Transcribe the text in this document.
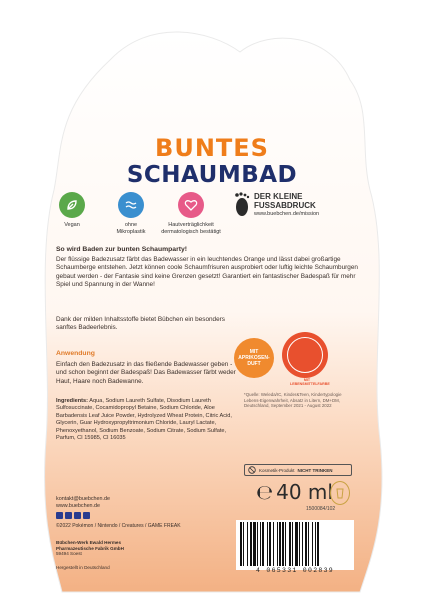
BUNTES
SCHAUMBAD
Vegan	ohne Mikroplastik
Hautverträglichkeit dermatologisch bestätigt
DER KLEINE
FUSSABDRUCK
www.buebchen.de/mission
So wird Baden zur bunten Schaumparty!
Der flüssige Badezusatz färbt das Badewasser in ein leuchtendes Orange und lässt dabei großartige Schaumberge entstehen. Jetzt können coole Schaumfrisuren ausprobiert oder luftig leichte Schaumburgen gebaut werden - der Fantasie sind keine Grenzen gesetzt! Garantiert ein fantastischer Badespaß für mehr Spiel und Spannung in der Wanne!
Dank der milden Inhaltsstoffe bietet Bübchen ein besonders sanftes Badeerlebnis.
MIT APRIKOSEN-DUFT
MIT LEBENSMITTELFARBE
Anwendung
Einfach den Badezusatz in das fließende Badewasser geben - und schon beginnt der Badespaß! Das Badewasser färbt weder Haut, Haare noch Badewanne.
*Quelle: Weleda/IC, Kinder&Teen, Kindertypologie Lebens-Eigenwahrheit, Absatz in Litern, DM+DM, Deutschland, September 2021 - August 2022
Ingredients: Aqua, Sodium Laureth Sulfate, Disodium Laureth Sulfosuccinate, Cocamidopropyl Betaine, Sodium Chloride, Aloe Barbadensis Leaf Juice Powder, Hydrolyzed Wheat Protein, Citric Acid, Glycerin, Guar Hydroxypropyltrimonium Chloride, Lauryl Lactate, Phenoxyethanol, Sodium Benzoate, Sodium Citrate, Sodium Sulfate, Parfum, CI 15985, CI 16035
Kosmetik-Produkt NICHT TRINKEN
℮ 40 ml
1500084/102
kontakt@buebchen.de
www.buebchen.de
©2022 Pokémon / Nintendo / Creatures / GAME FREAK
Bübchen-Werk Ewald Hermes
Pharmazeutische Fabrik GmbH
59494 Soest
Hergestellt in Deutschland	4 065331 002839
